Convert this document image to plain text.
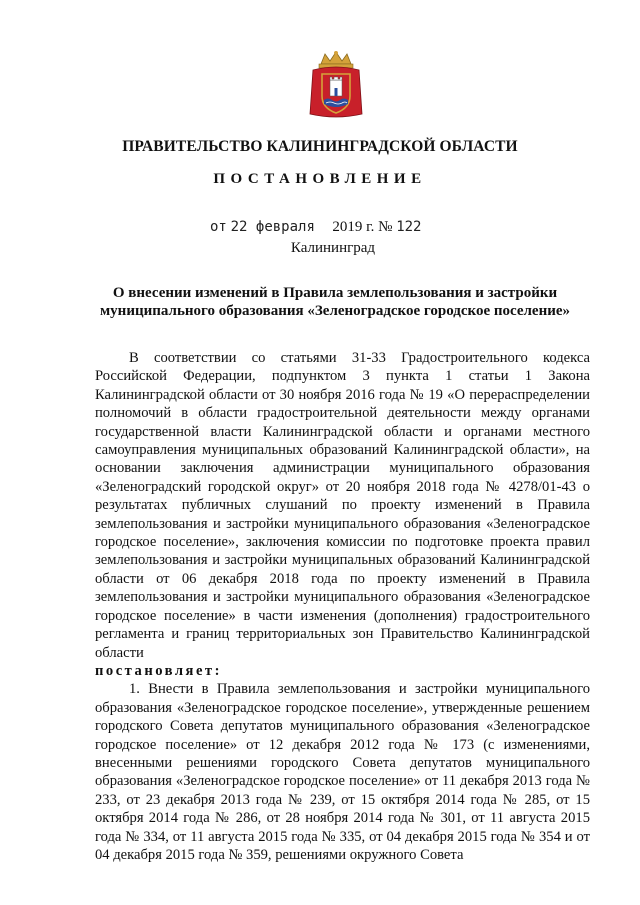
ПРАВИТЕЛЬСТВО КАЛИНИНГРАДСКОЙ ОБЛАСТИ
ПОСТАНОВЛЕНИЕ
от 22 февраля 2019 г. № 122
Калининград
О внесении изменений в Правила землепользования и застройки
муниципального образования «Зеленоградское городское поселение»

В соответствии со статьями 31-33 Градостроительного кодекса Российской Федерации, подпунктом 3 пункта 1 статьи 1 Закона Калининградской области от 30 ноября 2016 года № 19 «О перераспределении полномочий в области градостроительной деятельности между органами государственной власти Калининградской области и органами местного самоуправления муниципальных образований Калининградской области», на основании заключения администрации муниципального образования «Зеленоградский городской округ» от 20 ноября 2018 года № 4278/01-43 о результатах публичных слушаний по проекту изменений в Правила землепользования и застройки муниципального образования «Зеленоградское городское поселение», заключения комиссии по подготовке проекта правил землепользования и застройки муниципальных образований Калининградской области от 06 декабря 2018 года по проекту изменений в Правила землепользования и застройки муниципального образования «Зеленоградское городское поселение» в части изменения (дополнения) градостроительного регламента и границ территориальных зон Правительство Калининградской области

постановляет:

1. Внести в Правила землепользования и застройки муниципального образования «Зеленоградское городское поселение», утвержденные решением городского Совета депутатов муниципального образования «Зеленоградское городское поселение» от 12 декабря 2012 года № 173 (с изменениями, внесенными решениями городского Совета депутатов муниципального образования «Зеленоградское городское поселение» от 11 декабря 2013 года № 233, от 23 декабря 2013 года № 239, от 15 октября 2014 года № 285, от 15 октября 2014 года № 286, от 28 ноября 2014 года № 301, от 11 августа 2015 года № 334, от 11 августа 2015 года № 335, от 04 декабря 2015 года № 354 и от 04 декабря 2015 года № 359, решениями окружного Совета
